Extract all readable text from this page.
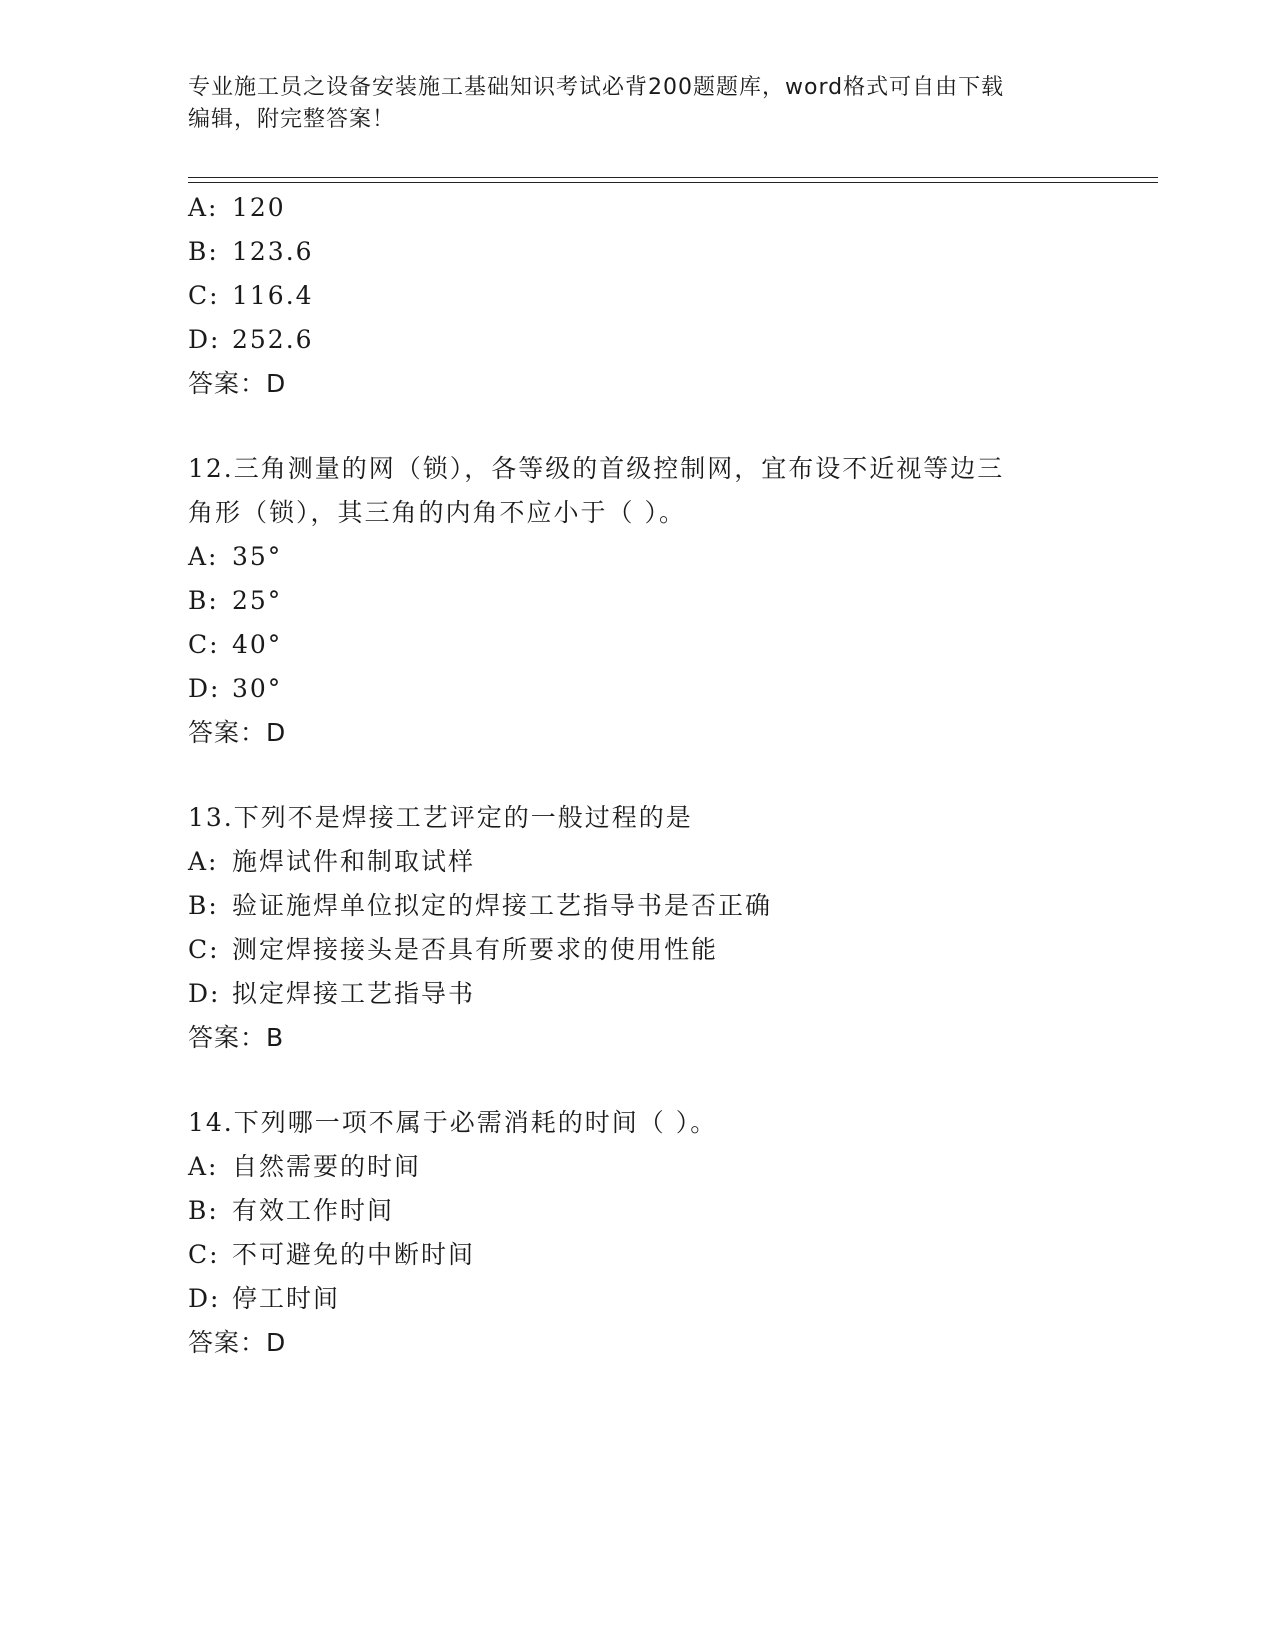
专业施工员之设备安装施工基础知识考试必背200题题库，word格式可自由下载
编辑，附完整答案！
A: 120
B: 123.6
C: 116.4
D: 252.6
答案：D
12.三角测量的网（锁），各等级的首级控制网，宜布设不近视等边三
角形（锁），其三角的内角不应小于（ ）。
A: 35°
B: 25°
C: 40°
D: 30°
答案：D
13.下列不是焊接工艺评定的一般过程的是
A: 施焊试件和制取试样
B: 验证施焊单位拟定的焊接工艺指导书是否正确
C: 测定焊接接头是否具有所要求的使用性能
D: 拟定焊接工艺指导书
答案：B
14.下列哪一项不属于必需消耗的时间（ ）。
A: 自然需要的时间
B: 有效工作时间
C: 不可避免的中断时间
D: 停工时间
答案：D
